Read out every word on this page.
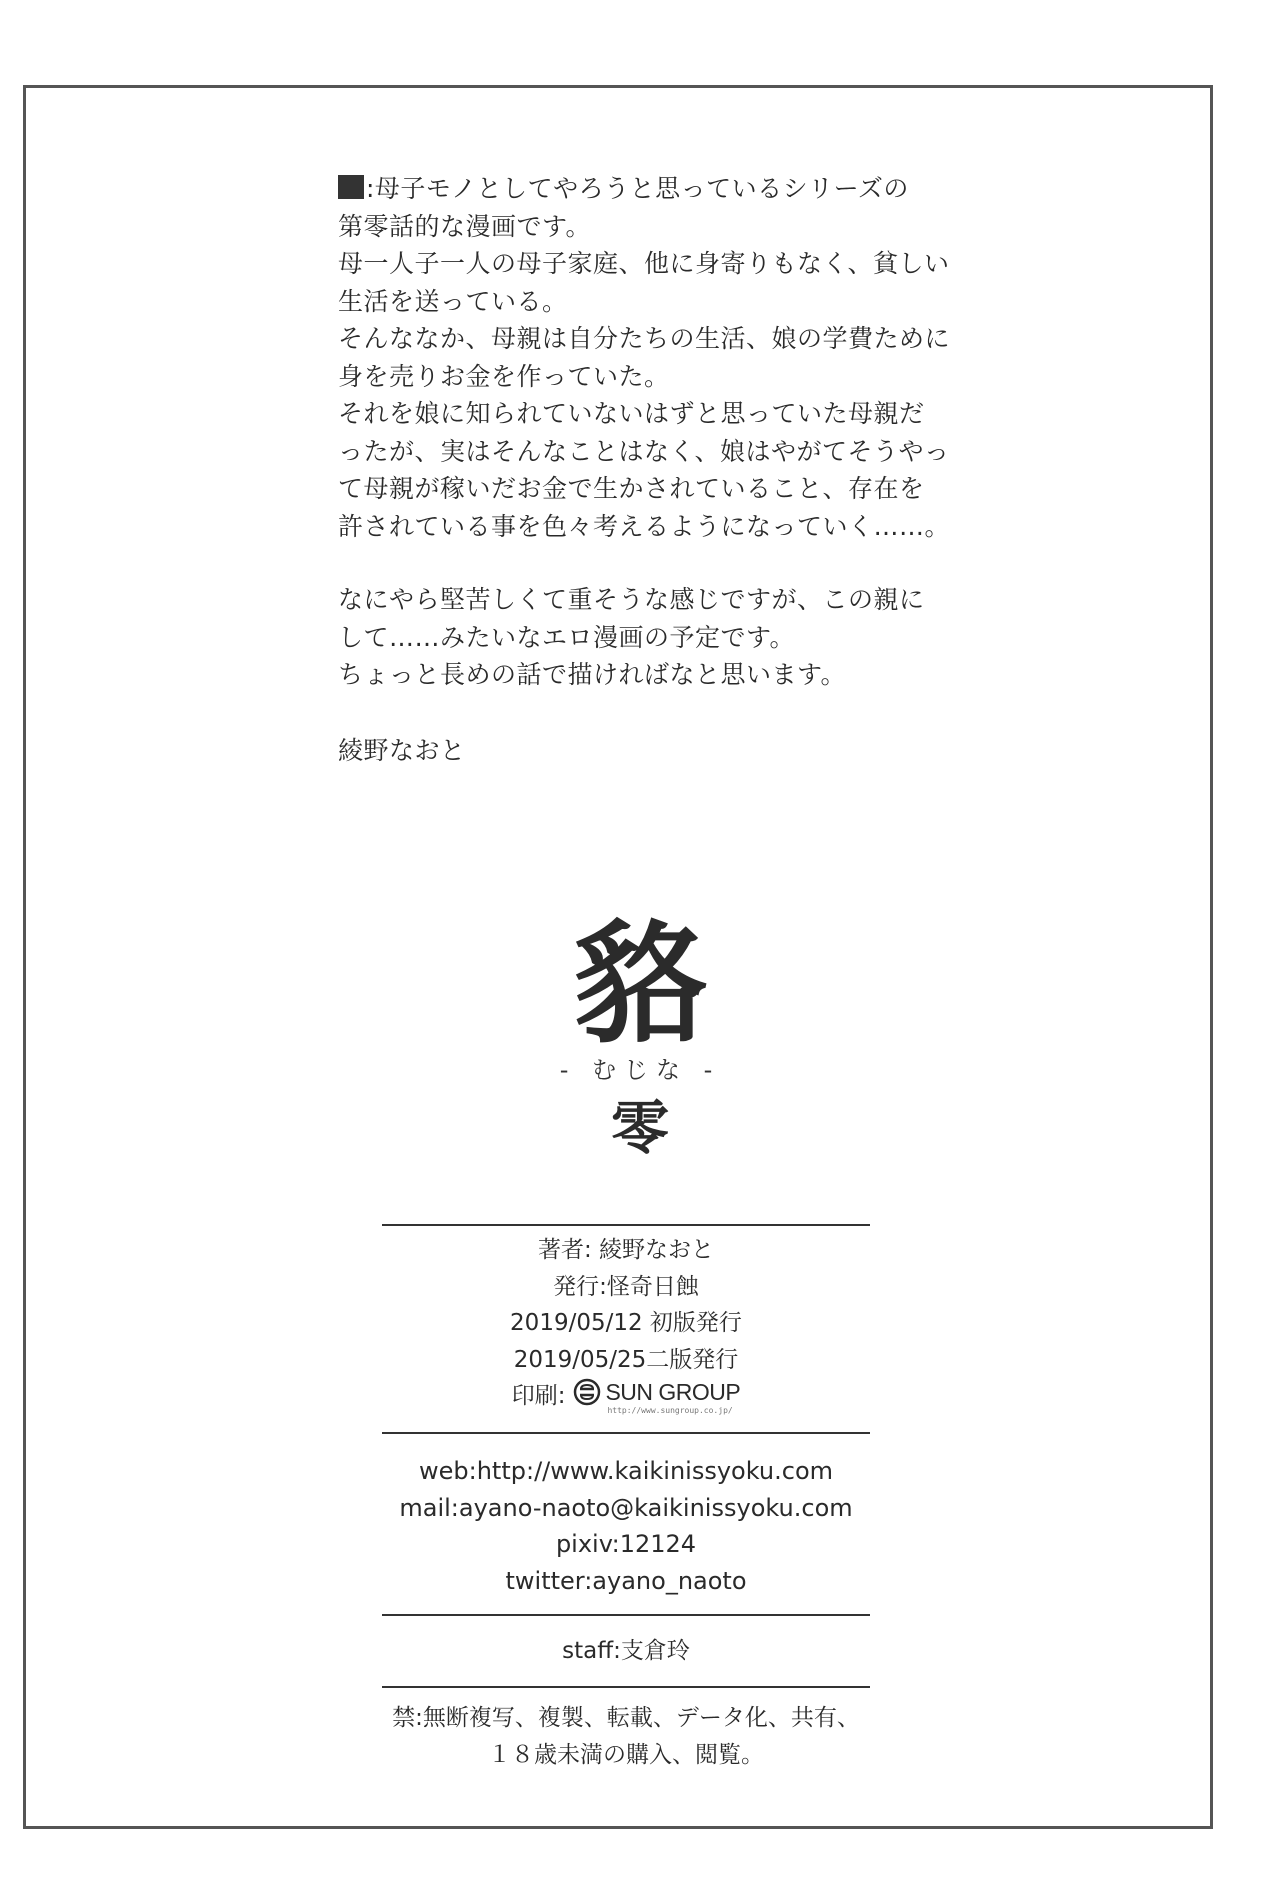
:母子モノとしてやろうと思っているシリーズの
第零話的な漫画です。
母一人子一人の母子家庭、他に身寄りもなく、貧しい
生活を送っている。
そんななか、母親は自分たちの生活、娘の学費ために
身を売りお金を作っていた。
それを娘に知られていないはずと思っていた母親だ
ったが、実はそんなことはなく、娘はやがてそうやっ
て母親が稼いだお金で生かされていること、存在を
許されている事を色々考えるようになっていく……。
なにやら堅苦しくて重そうな感じですが、この親に
して……みたいなエロ漫画の予定です。
ちょっと長めの話で描ければなと思います。
綾野なおと
貉
- むじな -
零
著者: 綾野なおと
発行:怪奇日蝕
2019/05/12 初版発行
2019/05/25二版発行
印刷: SUN GROUP
http://www.sungroup.co.jp/
web:http://www.kaikinissyoku.com
mail:ayano-naoto@kaikinissyoku.com
pixiv:12124
twitter:ayano_naoto
staff:支倉玲
禁:無断複写、複製、転載、データ化、共有、
１８歳未満の購入、閲覧。
